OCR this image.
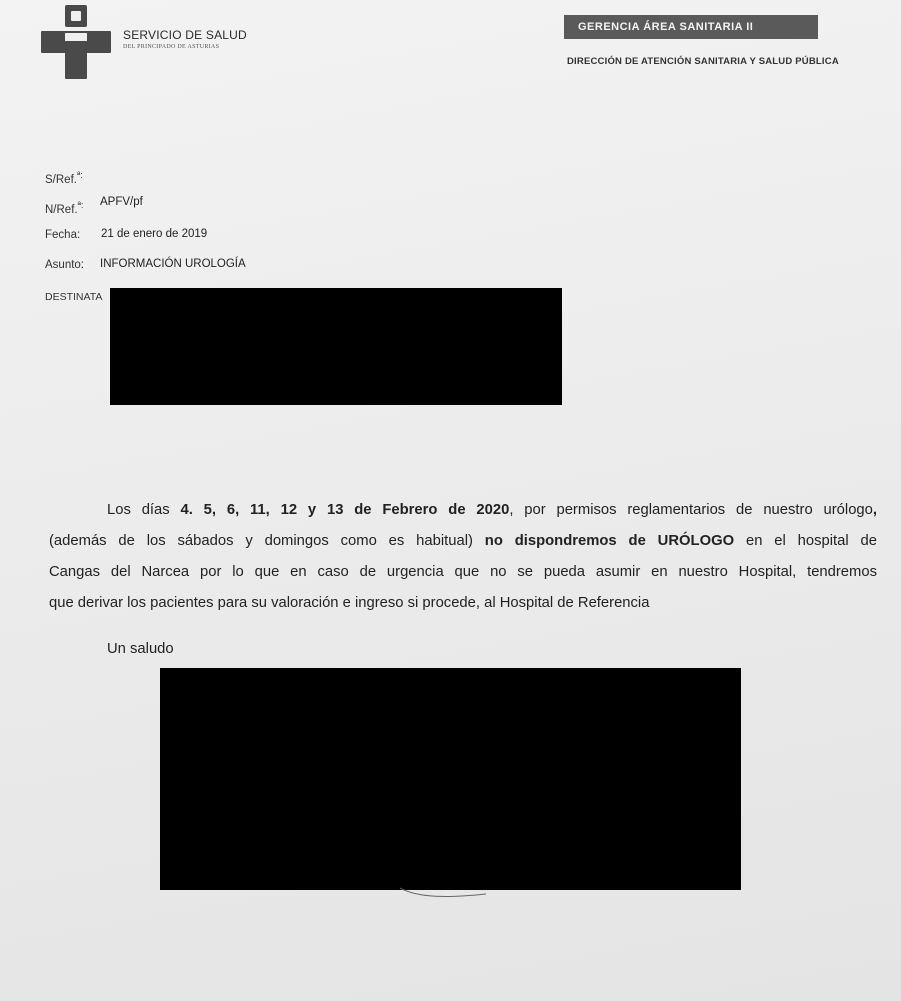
SERVICIO DE SALUD
DEL PRINCIPADO DE ASTURIAS
GERENCIA ÁREA SANITARIA II
DIRECCIÓN DE ATENCIÓN SANITARIA Y SALUD PÚBLICA
S/Ref.$^{ª:}$
N/Ref.$^{ª:}$ APFV/pf
Fecha: 21 de enero de 2019
Asunto: INFORMACIÓN UROLOGÍA
DESTINATA
Los días 4. 5, 6, 11, 12 y 13 de Febrero de 2020, por permisos reglamentarios de nuestro urólogo,
(además de los sábados y domingos como es habitual) no dispondremos de URÓLOGO en el hospital de
Cangas del Narcea por lo que en caso de urgencia que no se pueda asumir en nuestro Hospital, tendremos
que derivar los pacientes para su valoración e ingreso si procede, al Hospital de Referencia
Un saludo
